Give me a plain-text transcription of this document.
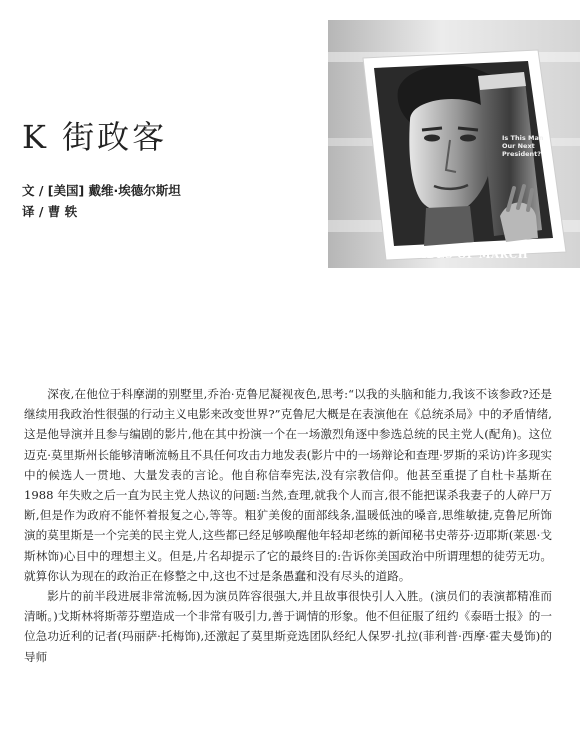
Is This Man Our Next President?
THE IDES OF MARCH
K 街政客
文 / [美国] 戴维·埃德尔斯坦
译 / 曹 轶

深夜,在他位于科摩湖的别墅里,乔治·克鲁尼凝视夜色,思考:“以我的头脑和能力,我该不该参政?还是继续用我政治性很强的行动主义电影来改变世界?”克鲁尼大概是在表演他在《总统杀局》中的矛盾情绪,这是他导演并且参与编剧的影片,他在其中扮演一个在一场激烈角逐中参选总统的民主党人(配角)。这位迈克·莫里斯州长能够清晰流畅且不具任何攻击力地发表(影片中的一场辩论和查理·罗斯的采访)许多现实中的候选人一贯地、大量发表的言论。他自称信奉宪法,没有宗教信仰。他甚至重提了自杜卡基斯在 1988 年失败之后一直为民主党人热议的问题:当然,查理,就我个人而言,很不能把谋杀我妻子的人碎尸万断,但是作为政府不能怀着报复之心,等等。粗犷美俊的面部线条,温暖低浊的嗓音,思维敏捷,克鲁尼所饰演的莫里斯是一个完美的民主党人,这些都已经足够唤醒他年轻却老练的新闻秘书史蒂芬·迈耶斯(莱恩·戈斯林饰)心目中的理想主义。但是,片名却提示了它的最终目的:告诉你美国政治中所谓理想的徒劳无功。就算你认为现在的政治正在修整之中,这也不过是条愚蠢和没有尽头的道路。

影片的前半段进展非常流畅,因为演员阵容很强大,并且故事很快引人入胜。(演员们的表演都精准而清晰。)戈斯林将斯蒂芬塑造成一个非常有吸引力,善于调情的形象。他不但征服了纽约《泰晤士报》的一位急功近利的记者(玛丽萨·托梅饰),还激起了莫里斯竞选团队经纪人保罗·扎拉(菲利普·西摩·霍夫曼饰)的导师
